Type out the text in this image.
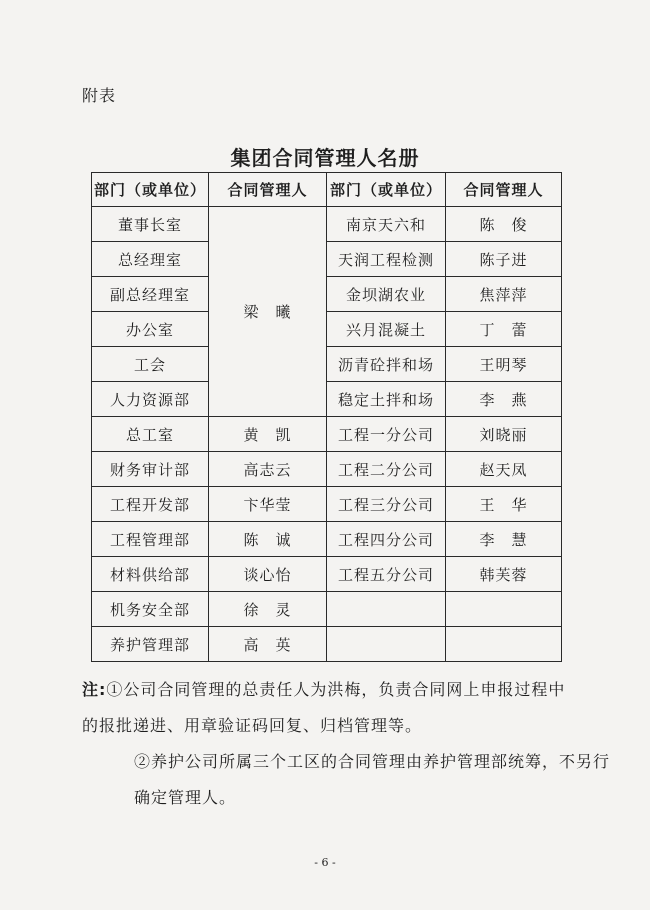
附表
集团合同管理人名册
部门（或单位）	合同管理人	部门（或单位）	合同管理人
董事长室	梁　曦	南京天六和	陈　俊
总经理室		天润工程检测	陈子进
副总经理室		金坝湖农业	焦萍萍
办公室		兴月混凝土	丁　蕾
工会		沥青砼拌和场	王明琴
人力资源部		稳定土拌和场	李　燕
总工室	黄　凯	工程一分公司	刘晓丽
财务审计部	高志云	工程二分公司	赵天凤
工程开发部	卞华莹	工程三分公司	王　华
工程管理部	陈　诚	工程四分公司	李　慧
材料供给部	谈心怡	工程五分公司	韩芙蓉
机务安全部	徐　灵		
养护管理部	高　英		
注:①公司合同管理的总责任人为洪梅，负责合同网上申报过程中的报批递进、用章验证码回复、归档管理等。
②养护公司所属三个工区的合同管理由养护管理部统筹，不另行确定管理人。
- 6 -
